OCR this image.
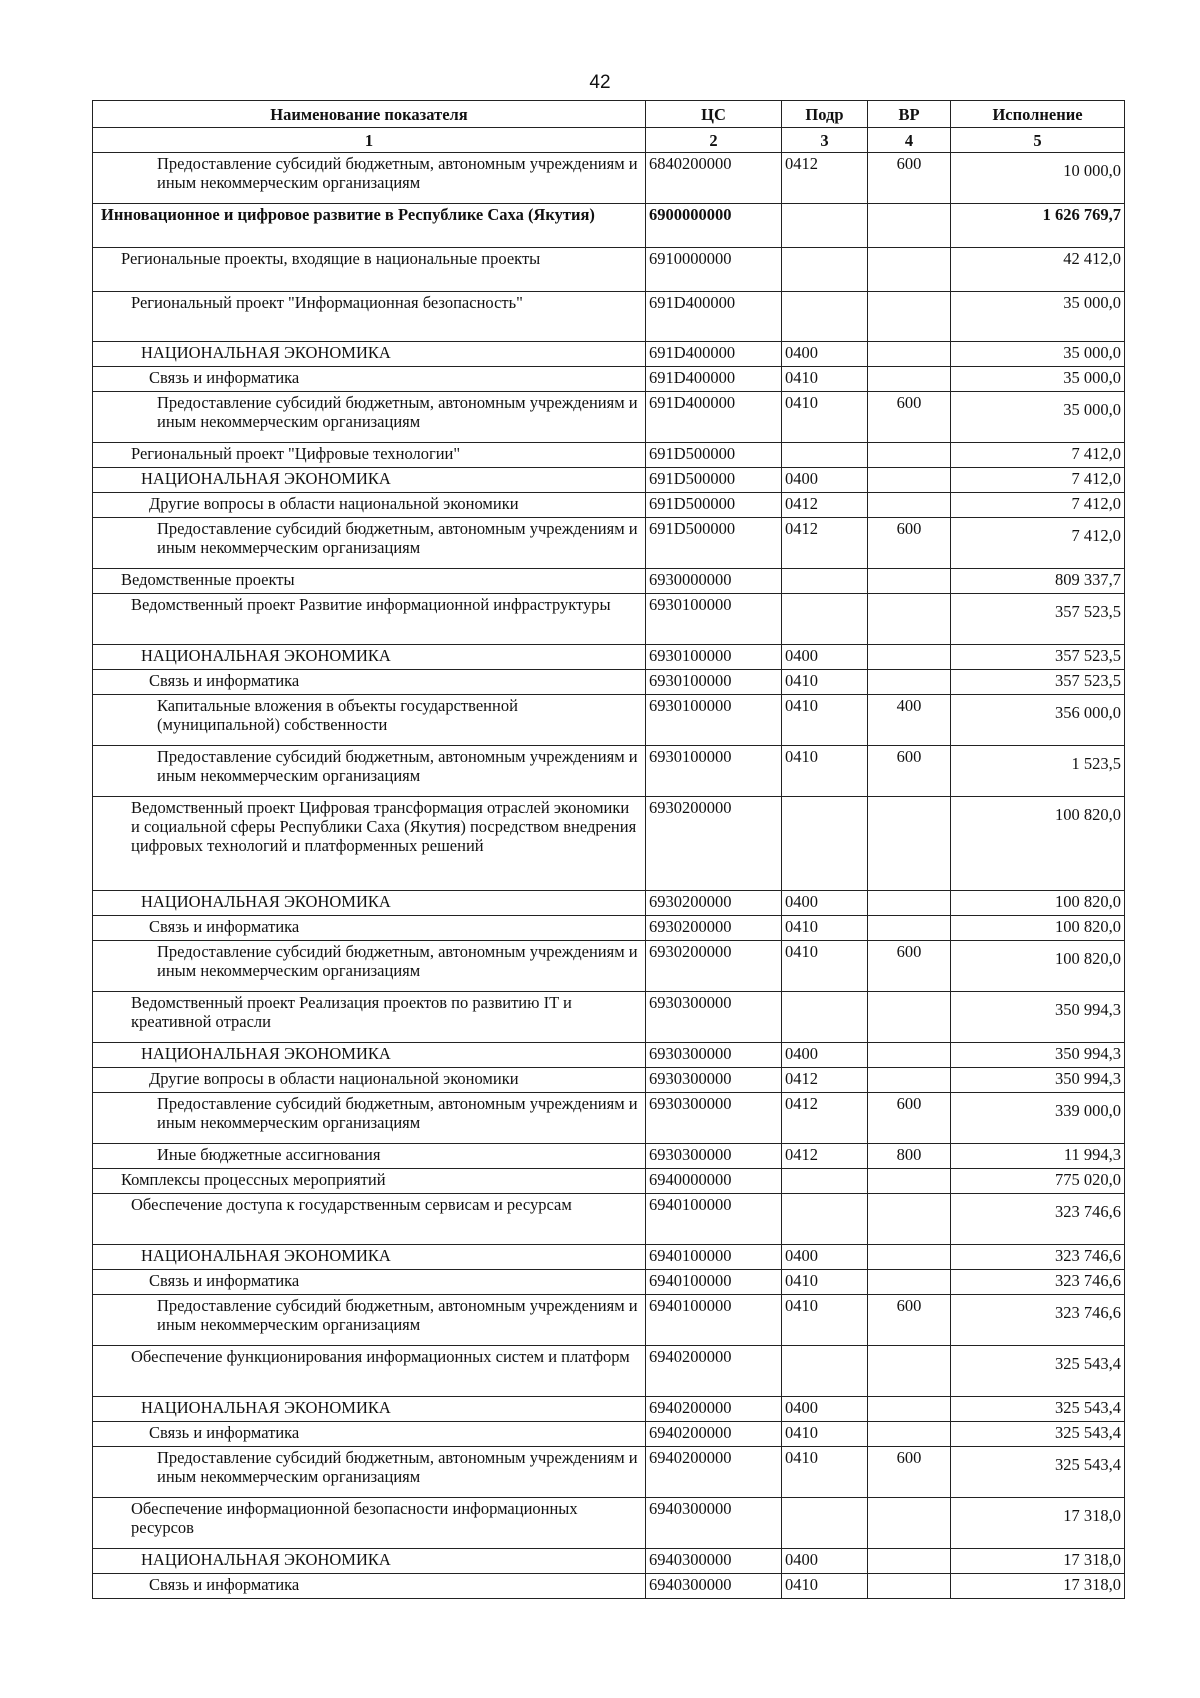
42
Наименование показателя	ЦС	Подр	ВР	Исполнение
1	2	3	4	5
Предоставление субсидий бюджетным, автономным учреждениям и иным некоммерческим организациям	6840200000	0412	600	10 000,0
Инновационное и цифровое развитие в Республике Саха (Якутия)	6900000000			1 626 769,7
Региональные проекты, входящие в национальные проекты	6910000000			42 412,0
Региональный проект "Информационная безопасность"	691D400000			35 000,0
НАЦИОНАЛЬНАЯ ЭКОНОМИКА	691D400000	0400		35 000,0
Связь и информатика	691D400000	0410		35 000,0
Предоставление субсидий бюджетным, автономным учреждениям и иным некоммерческим организациям	691D400000	0410	600	35 000,0
Региональный проект "Цифровые технологии"	691D500000			7 412,0
НАЦИОНАЛЬНАЯ ЭКОНОМИКА	691D500000	0400		7 412,0
Другие вопросы в области национальной экономики	691D500000	0412		7 412,0
Предоставление субсидий бюджетным, автономным учреждениям и иным некоммерческим организациям	691D500000	0412	600	7 412,0
Ведомственные проекты	6930000000			809 337,7
Ведомственный проект Развитие информационной инфраструктуры	6930100000			357 523,5
НАЦИОНАЛЬНАЯ ЭКОНОМИКА	6930100000	0400		357 523,5
Связь и информатика	6930100000	0410		357 523,5
Капитальные вложения в объекты государственной (муниципальной) собственности	6930100000	0410	400	356 000,0
Предоставление субсидий бюджетным, автономным учреждениям и иным некоммерческим организациям	6930100000	0410	600	1 523,5
Ведомственный проект Цифровая трансформация отраслей экономики и социальной сферы Республики Саха (Якутия) посредством внедрения цифровых технологий и платформенных решений	6930200000			100 820,0
НАЦИОНАЛЬНАЯ ЭКОНОМИКА	6930200000	0400		100 820,0
Связь и информатика	6930200000	0410		100 820,0
Предоставление субсидий бюджетным, автономным учреждениям и иным некоммерческим организациям	6930200000	0410	600	100 820,0
Ведомственный проект Реализация проектов по развитию IT и креативной отрасли	6930300000			350 994,3
НАЦИОНАЛЬНАЯ ЭКОНОМИКА	6930300000	0400		350 994,3
Другие вопросы в области национальной экономики	6930300000	0412		350 994,3
Предоставление субсидий бюджетным, автономным учреждениям и иным некоммерческим организациям	6930300000	0412	600	339 000,0
Иные бюджетные ассигнования	6930300000	0412	800	11 994,3
Комплексы процессных мероприятий	6940000000			775 020,0
Обеспечение доступа к государственным сервисам и ресурсам	6940100000			323 746,6
НАЦИОНАЛЬНАЯ ЭКОНОМИКА	6940100000	0400		323 746,6
Связь и информатика	6940100000	0410		323 746,6
Предоставление субсидий бюджетным, автономным учреждениям и иным некоммерческим организациям	6940100000	0410	600	323 746,6
Обеспечение функционирования информационных систем и платформ	6940200000			325 543,4
НАЦИОНАЛЬНАЯ ЭКОНОМИКА	6940200000	0400		325 543,4
Связь и информатика	6940200000	0410		325 543,4
Предоставление субсидий бюджетным, автономным учреждениям и иным некоммерческим организациям	6940200000	0410	600	325 543,4
Обеспечение информационной безопасности информационных ресурсов	6940300000			17 318,0
НАЦИОНАЛЬНАЯ ЭКОНОМИКА	6940300000	0400		17 318,0
Связь и информатика	6940300000	0410		17 318,0
